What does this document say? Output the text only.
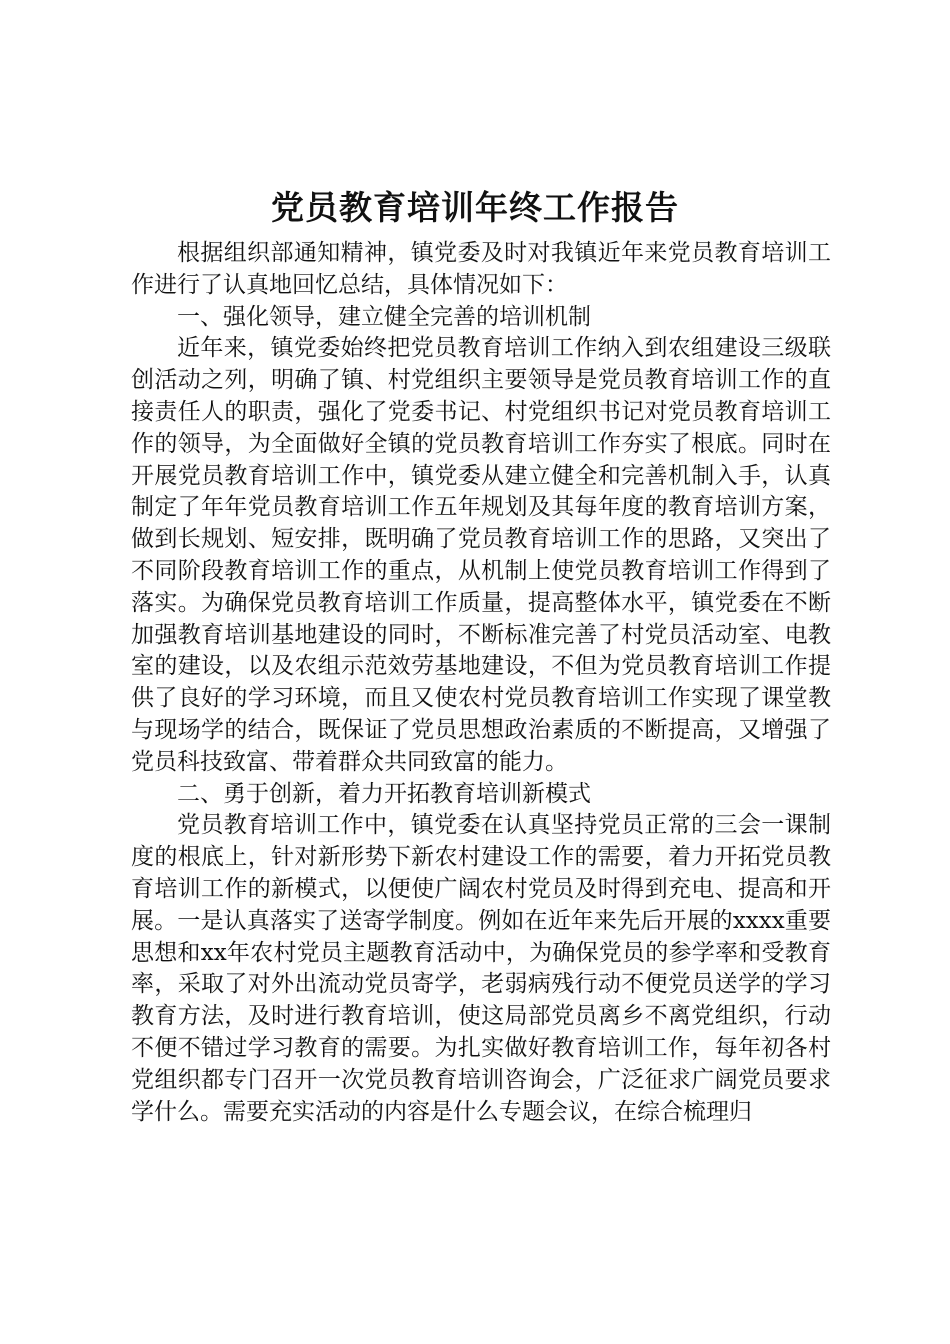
党员教育培训年终工作报告

根据组织部通知精神，镇党委及时对我镇近年来党员教育培训工作进行了认真地回忆总结，具体情况如下：

一、强化领导，建立健全完善的培训机制

近年来，镇党委始终把党员教育培训工作纳入到农组建设三级联创活动之列，明确了镇、村党组织主要领导是党员教育培训工作的直接责任人的职责，强化了党委书记、村党组织书记对党员教育培训工作的领导，为全面做好全镇的党员教育培训工作夯实了根底。同时在开展党员教育培训工作中，镇党委从建立健全和完善机制入手，认真制定了年年党员教育培训工作五年规划及其每年度的教育培训方案，做到长规划、短安排，既明确了党员教育培训工作的思路，又突出了不同阶段教育培训工作的重点，从机制上使党员教育培训工作得到了落实。为确保党员教育培训工作质量，提高整体水平，镇党委在不断加强教育培训基地建设的同时，不断标准完善了村党员活动室、电教室的建设，以及农组示范效劳基地建设，不但为党员教育培训工作提供了良好的学习环境，而且又使农村党员教育培训工作实现了课堂教与现场学的结合，既保证了党员思想政治素质的不断提高，又增强了党员科技致富、带着群众共同致富的能力。

二、勇于创新，着力开拓教育培训新模式

党员教育培训工作中，镇党委在认真坚持党员正常的三会一课制度的根底上，针对新形势下新农村建设工作的需要，着力开拓党员教育培训工作的新模式，以便使广阔农村党员及时得到充电、提高和开展。一是认真落实了送寄学制度。例如在近年来先后开展的xxxx重要思想和xx年农村党员主题教育活动中，为确保党员的参学率和受教育率，采取了对外出流动党员寄学，老弱病残行动不便党员送学的学习教育方法，及时进行教育培训，使这局部党员离乡不离党组织，行动不便不错过学习教育的需要。为扎实做好教育培训工作，每年初各村党组织都专门召开一次党员教育培训咨询会，广泛征求广阔党员要求学什么。需要充实活动的内容是什么专题会议，在综合梳理归
